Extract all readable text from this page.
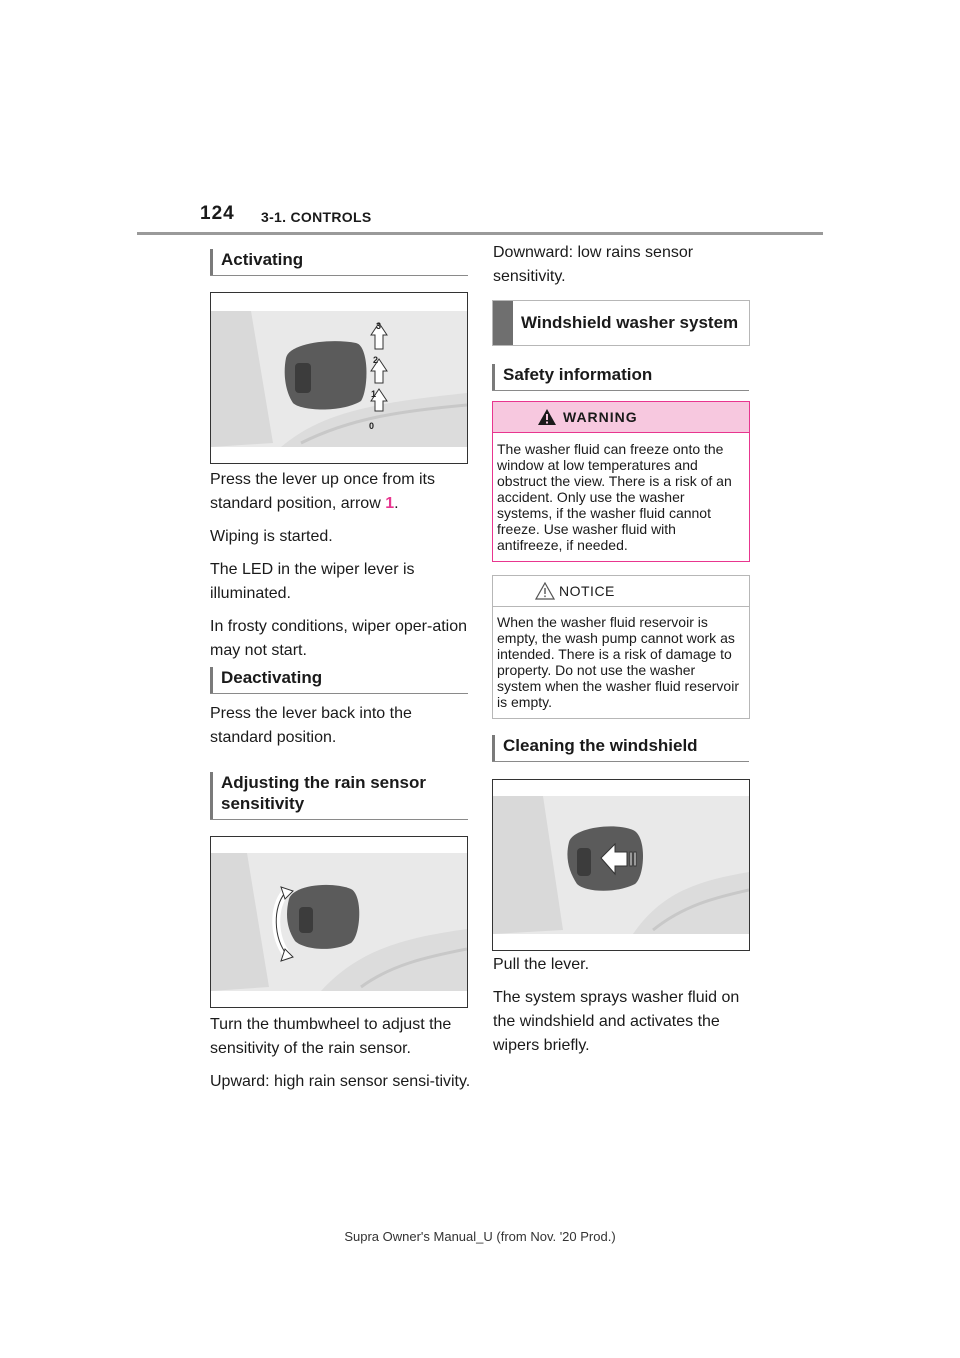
124 3-1. CONTROLS
Activating
3
2
1
0

Press the lever up once from its standard position, arrow 1.

Wiping is started.

The LED in the wiper lever is illuminated.

In frosty conditions, wiper oper-ation may not start.

Deactivating

Press the lever back into the standard position.

Adjusting the rain sensor sensitivity

Turn the thumbwheel to adjust the sensitivity of the rain sensor.

Upward: high rain sensor sensi-tivity.

Downward: low rains sensor sensitivity.

Windshield washer system
Safety information
WARNING
The washer fluid can freeze onto the window at low temperatures and obstruct the view. There is a risk of an accident. Only use the washer systems, if the washer fluid cannot freeze. Use washer fluid with antifreeze, if needed.
NOTICE
When the washer fluid reservoir is empty, the wash pump cannot work as intended. There is a risk of damage to property. Do not use the washer system when the washer fluid reservoir is empty.
Cleaning the windshield

Pull the lever.

The system sprays washer fluid on the windshield and activates the wipers briefly.

Supra Owner's Manual_U (from Nov. '20 Prod.)
